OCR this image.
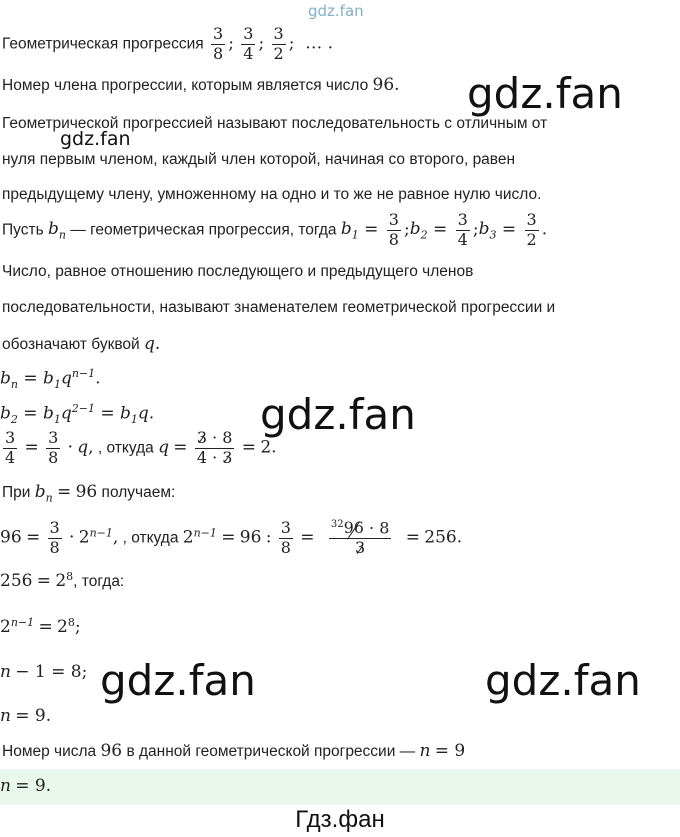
gdz.fan
gdz.fan
gdz.fan
gdz.fan
gdz.fan	gdz.fan
Геометрическая прогрессия $\frac{3}{8}$ ; $\frac{3}{4}$ ; $\frac{3}{2}$ ;  … .
Номер члена прогрессии, которым является число 96.
Геометрической прогрессией называют последовательность с отличным от
нуля первым членом, каждый член которой, начиная со второго, равен
предыдущему члену, умноженному на одно и то же не равное нулю число.
Пусть $b_n$ — геометрическая прогрессия, тогда $b_1 = \frac{3}{8}$ $;b_2 = \frac{3}{4}$ $;b_3 = \frac{3}{2}$ .
Число, равное отношению последующего и предыдущего членов
последовательности, называют знаменателем геометрической прогрессии и
обозначают буквой q.
$b_n = b_1q^{n-1}$.
$b_2 = b_1q^{2-1} = b_1q$.
$\frac{3}{4} = \frac{3}{8} \cdot q$, , откуда $q = \frac{3 \cdot 8}{4 \cdot 3} = 2$.
При $b_n = 96$ получаем:
$96 = \frac{3}{8} \cdot 2^{n-1}$, , откуда $2^{n-1} = 96$ : $\frac{3}{8} = \frac{^{32}96 \cdot 8}{3} = 256$.
$256 = 2^8$, тогда:
$2^{n-1} = 2^8$;
n − 1 = 8;
n = 9.
Номер числа 96 в данной геометрической прогрессии — n = 9
n = 9.
Гдз.фан
